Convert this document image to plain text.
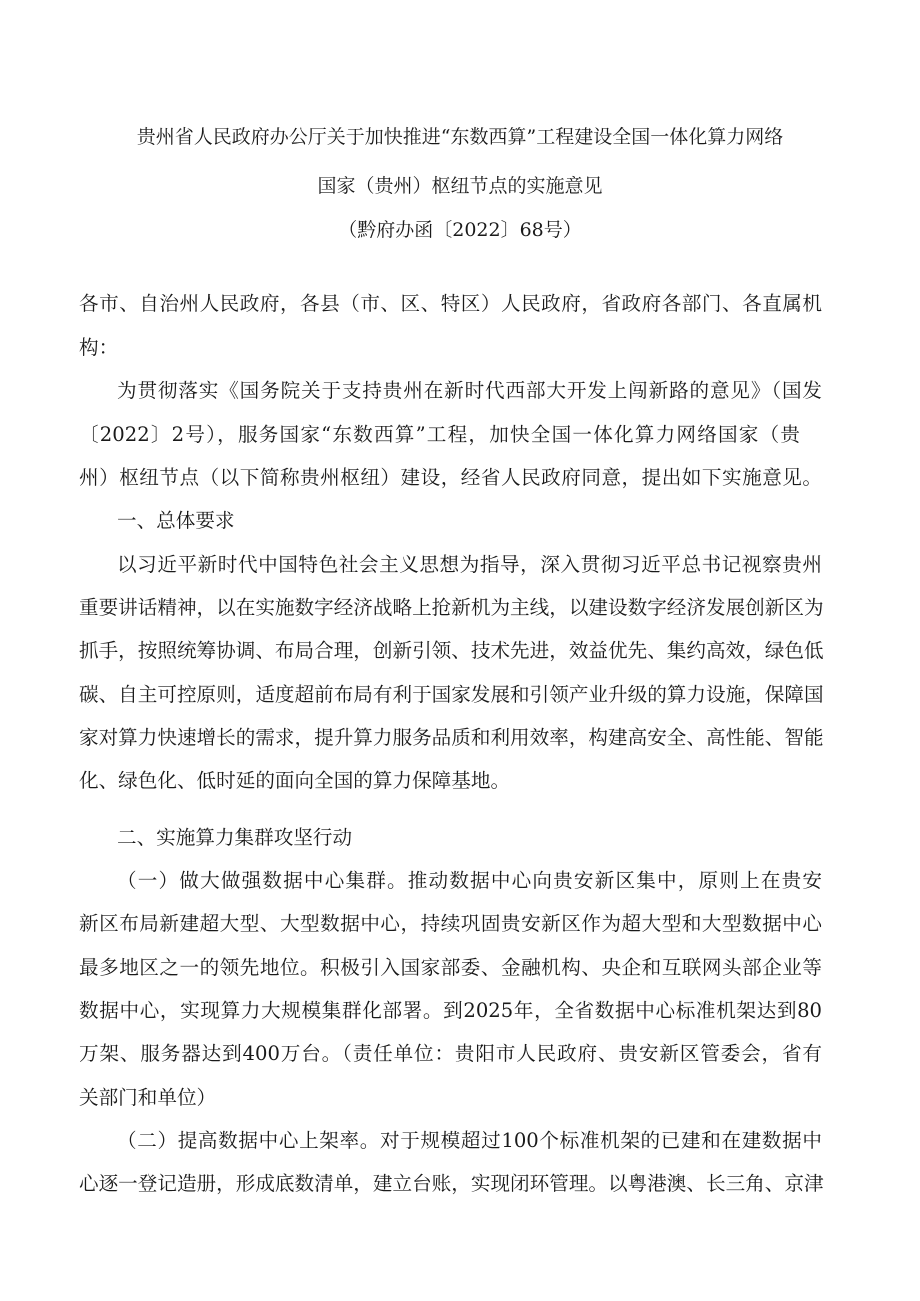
贵州省人民政府办公厅关于加快推进“东数西算”工程建设全国一体化算力网络
国家（贵州）枢纽节点的实施意见
（黔府办函〔2022〕68号）
各市、自治州人民政府，各县（市、区、特区）人民政府，省政府各部门、各直属机
构：
为贯彻落实《国务院关于支持贵州在新时代西部大开发上闯新路的意见》（国发
〔2022〕2号），服务国家“东数西算”工程，加快全国一体化算力网络国家（贵
州）枢纽节点（以下简称贵州枢纽）建设，经省人民政府同意，提出如下实施意见。
一、总体要求
以习近平新时代中国特色社会主义思想为指导，深入贯彻习近平总书记视察贵州
重要讲话精神，以在实施数字经济战略上抢新机为主线，以建设数字经济发展创新区为
抓手，按照统筹协调、布局合理，创新引领、技术先进，效益优先、集约高效，绿色低
碳、自主可控原则，适度超前布局有利于国家发展和引领产业升级的算力设施，保障国
家对算力快速增长的需求，提升算力服务品质和利用效率，构建高安全、高性能、智能
化、绿色化、低时延的面向全国的算力保障基地。
二、实施算力集群攻坚行动
（一）做大做强数据中心集群。推动数据中心向贵安新区集中，原则上在贵安
新区布局新建超大型、大型数据中心，持续巩固贵安新区作为超大型和大型数据中心
最多地区之一的领先地位。积极引入国家部委、金融机构、央企和互联网头部企业等
数据中心，实现算力大规模集群化部署。到2025年，全省数据中心标准机架达到80
万架、服务器达到400万台。（责任单位：贵阳市人民政府、贵安新区管委会，省有
关部门和单位）
（二）提高数据中心上架率。对于规模超过100个标准机架的已建和在建数据中
心逐一登记造册，形成底数清单，建立台账，实现闭环管理。以粤港澳、长三角、京津
